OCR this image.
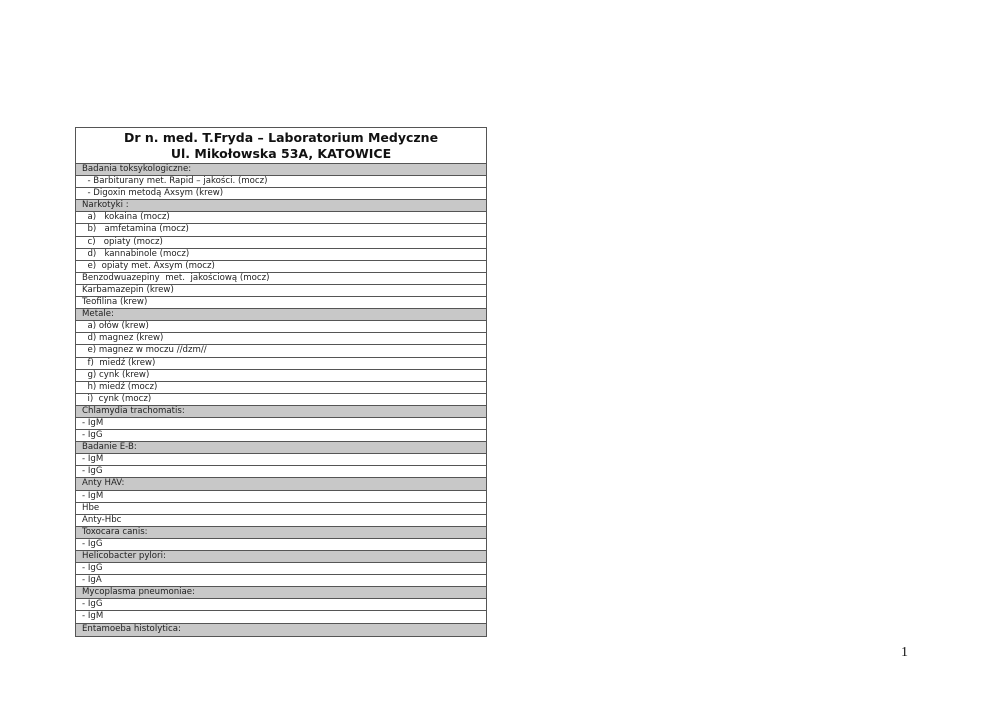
Dr n. med. T.Fryda – Laboratorium Medyczne
Ul. Mikołowska 53A, KATOWICE
Badania toksykologiczne:
- Barbiturany met. Rapid – jakości. (mocz)
- Digoxin metodą Axsym (krew)
Narkotyki :
a)   kokaina (mocz)
b)   amfetamina (mocz)
c)   opiaty (mocz)
d)   kannabinole (mocz)
e)  opiaty met. Axsym (mocz)
Benzodwuazepiny  met.  jakościową (mocz)
Karbamazepin (krew)
Teofilina (krew)
Metale:
a) ołów (krew)
d) magnez (krew)
e) magnez w moczu //dzm//
f)  miedź (krew)
g) cynk (krew)
h) miedź (mocz)
i)  cynk (mocz)
Chlamydia trachomatis:
- IgM
- IgG
Badanie E-B:
- IgM
- IgG
Anty HAV:
- IgM
Hbe
Anty-Hbc
Toxocara canis:
- IgG
Helicobacter pylori:
- IgG
- IgA
Mycoplasma pneumoniae:
- IgG
- IgM
Entamoeba histolytica:
1
